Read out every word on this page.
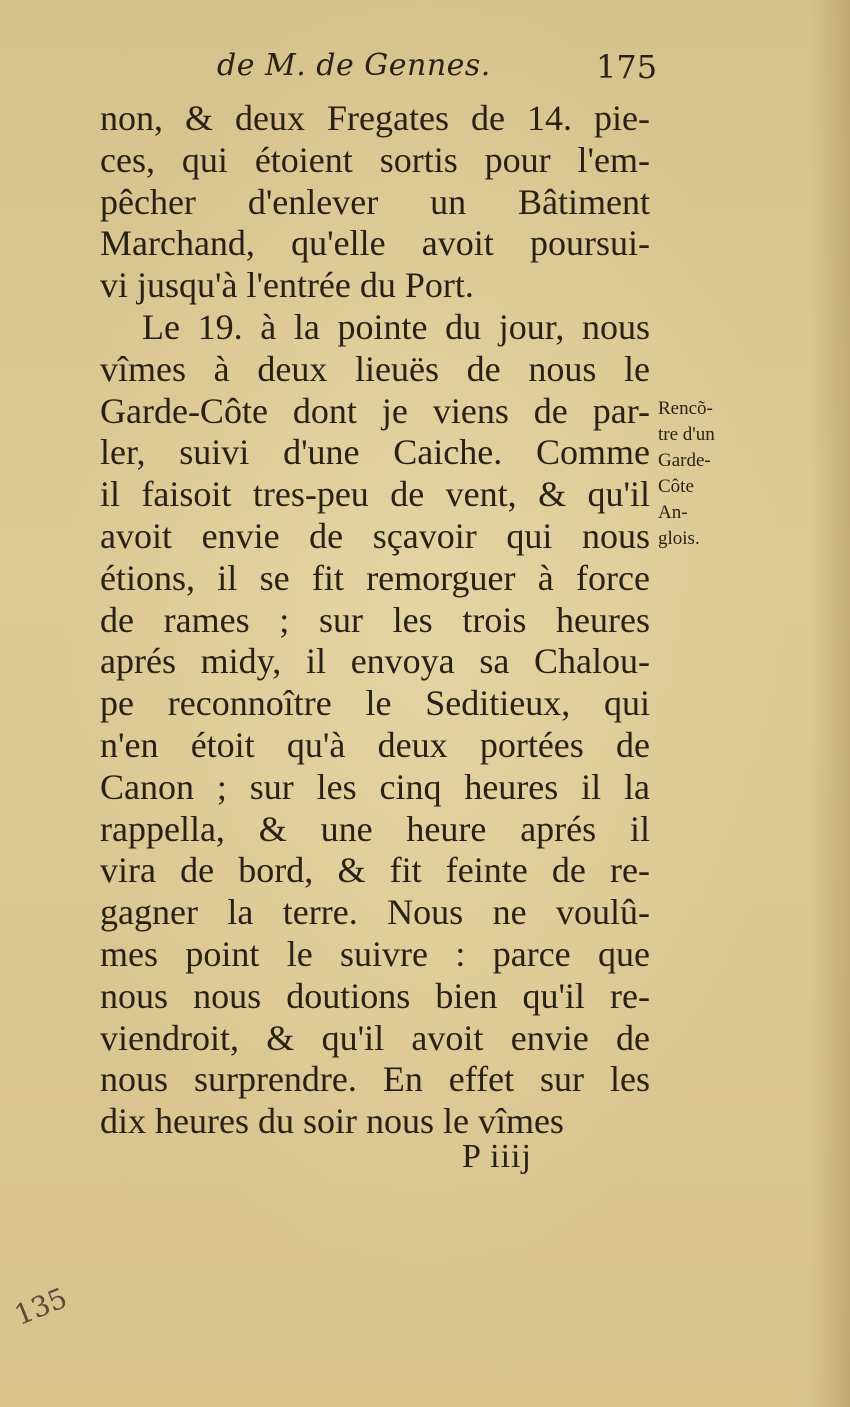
de M. de Gennes.	175
non, & deux Fregates de 14. pie-
ces, qui étoient sortis pour l'em-
pêcher d'enlever un Bâtiment
Marchand, qu'elle avoit poursui-
vi jusqu'à l'entrée du Port.
Le 19. à la pointe du jour, nous
vîmes à deux lieuës de nous le
Garde-Côte dont je viens de par-
ler, suivi d'une Caiche. Comme
il faisoit tres-peu de vent, & qu'il
avoit envie de sçavoir qui nous
étions, il se fit remorguer à force
de rames ; sur les trois heures
aprés midy, il envoya sa Chalou-
pe reconnoître le Seditieux, qui
n'en étoit qu'à deux portées de
Canon ; sur les cinq heures il la
rappella, & une heure aprés il
vira de bord, & fit feinte de re-
gagner la terre. Nous ne voulû-
mes point le suivre : parce que
nous nous doutions bien qu'il re-
viendroit, & qu'il avoit envie de
nous surprendre. En effet sur les
dix heures du soir nous le vîmes
Rencõ-
tre d'un
Garde-
Côte
An-
glois.
P iiij
135
